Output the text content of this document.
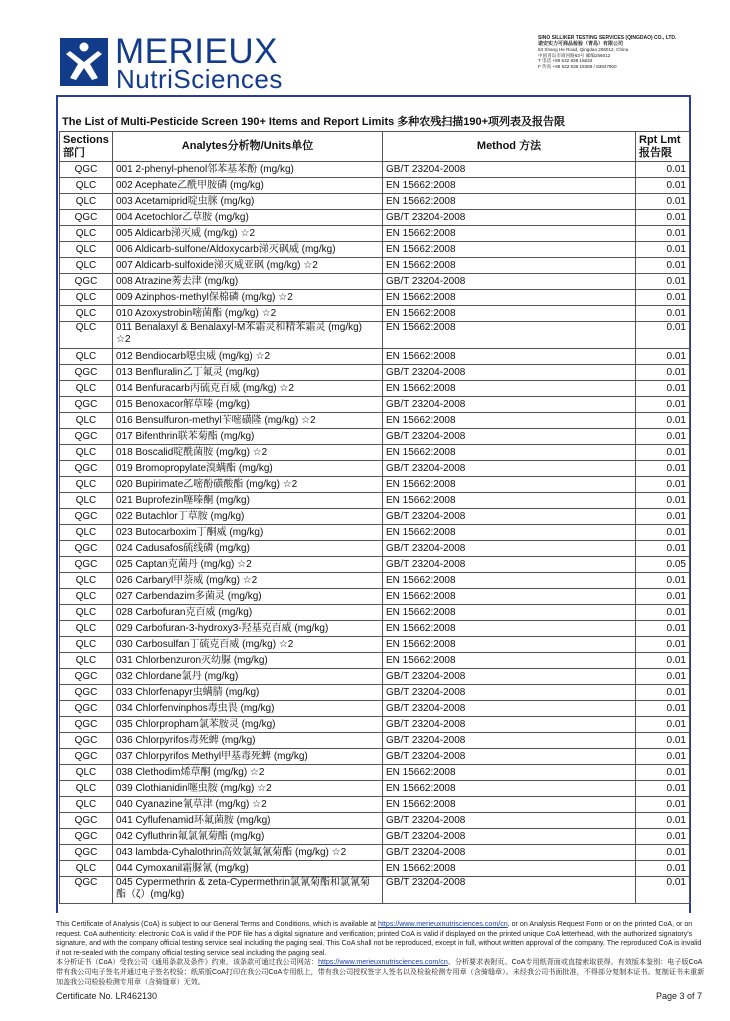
MERIEUX
NutriSciences
SINO SILLIKER TESTING SERVICES (QINGDAO) CO., LTD.
诺安实力可商品检验（青岛）有限公司
63 Shang He Road, Qingdao 266012, China
中国青岛市商河路63号 邮编266012
T 电话 +86 532 838 16633
F 传真 +86 532 838 19388 / 83847900
The List of Multi-Pesticide Screen 190+ Items and Report Limits 多种农残扫描190+项列表及报告限
Sections 部门	Analytes分析物/Units单位	Method 方法	Rpt Lmt 报告限
QGC	001 2-phenyl-phenol邻苯基苯酚 (mg/kg)	GB/T 23204-2008	0.01
QLC	002 Acephate乙酰甲胺磷 (mg/kg)	EN 15662:2008	0.01
QLC	003 Acetamiprid啶虫脒 (mg/kg)	EN 15662:2008	0.01
QGC	004 Acetochlor乙草胺 (mg/kg)	GB/T 23204-2008	0.01
QLC	005 Aldicarb涕灭威 (mg/kg) ☆2	EN 15662:2008	0.01
QLC	006 Aldicarb-sulfone/Aldoxycarb涕灭砜威 (mg/kg)	EN 15662:2008	0.01
QLC	007 Aldicarb-sulfoxide涕灭威亚砜 (mg/kg) ☆2	EN 15662:2008	0.01
QGC	008 Atrazine莠去津 (mg/kg)	GB/T 23204-2008	0.01
QLC	009 Azinphos-methyl保棉磷 (mg/kg) ☆2	EN 15662:2008	0.01
QLC	010 Azoxystrobin嘧菌酯 (mg/kg) ☆2	EN 15662:2008	0.01
QLC	011 Benalaxyl & Benalaxyl-M苯霜灵和精苯霜灵 (mg/kg) ☆2	EN 15662:2008	0.01
QLC	012 Bendiocarb噁虫威 (mg/kg) ☆2	EN 15662:2008	0.01
QGC	013 Benfluralin乙丁氟灵 (mg/kg)	GB/T 23204-2008	0.01
QLC	014 Benfuracarb丙硫克百威 (mg/kg) ☆2	EN 15662:2008	0.01
QGC	015 Benoxacor解草嗪 (mg/kg)	GB/T 23204-2008	0.01
QLC	016 Bensulfuron-methyl苄嘧磺隆 (mg/kg) ☆2	EN 15662:2008	0.01
QGC	017 Bifenthrin联苯菊酯 (mg/kg)	GB/T 23204-2008	0.01
QLC	018 Boscalid啶酰菌胺 (mg/kg) ☆2	EN 15662:2008	0.01
QGC	019 Bromopropylate溴螨酯 (mg/kg)	GB/T 23204-2008	0.01
QLC	020 Bupirimate乙嘧酚磺酸酯 (mg/kg) ☆2	EN 15662:2008	0.01
QLC	021 Buprofezin噻嗪酮 (mg/kg)	EN 15662:2008	0.01
QGC	022 Butachlor丁草胺 (mg/kg)	GB/T 23204-2008	0.01
QLC	023 Butocarboxim丁酮威 (mg/kg)	EN 15662:2008	0.01
QGC	024 Cadusafos硫线磷 (mg/kg)	GB/T 23204-2008	0.01
QGC	025 Captan克菌丹 (mg/kg) ☆2	GB/T 23204-2008	0.05
QLC	026 Carbaryl甲萘威 (mg/kg) ☆2	EN 15662:2008	0.01
QLC	027 Carbendazim多菌灵 (mg/kg)	EN 15662:2008	0.01
QLC	028 Carbofuran克百威 (mg/kg)	EN 15662:2008	0.01
QLC	029 Carbofuran-3-hydroxy3-羟基克百威 (mg/kg)	EN 15662:2008	0.01
QLC	030 Carbosulfan丁硫克百威 (mg/kg) ☆2	EN 15662:2008	0.01
QLC	031 Chlorbenzuron灭幼脲 (mg/kg)	EN 15662:2008	0.01
QGC	032 Chlordane氯丹 (mg/kg)	GB/T 23204-2008	0.01
QGC	033 Chlorfenapyr虫螨腈 (mg/kg)	GB/T 23204-2008	0.01
QGC	034 Chlorfenvinphos毒虫畏 (mg/kg)	GB/T 23204-2008	0.01
QGC	035 Chlorpropham氯苯胺灵 (mg/kg)	GB/T 23204-2008	0.01
QGC	036 Chlorpyrifos毒死蜱 (mg/kg)	GB/T 23204-2008	0.01
QGC	037 Chlorpyrifos Methyl甲基毒死蜱 (mg/kg)	GB/T 23204-2008	0.01
QLC	038 Clethodim烯草酮 (mg/kg) ☆2	EN 15662:2008	0.01
QLC	039 Clothianidin噻虫胺 (mg/kg) ☆2	EN 15662:2008	0.01
QLC	040 Cyanazine氰草津 (mg/kg) ☆2	EN 15662:2008	0.01
QGC	041 Cyflufenamid环氟菌胺 (mg/kg)	GB/T 23204-2008	0.01
QGC	042 Cyfluthrin氟氯氰菊酯 (mg/kg)	GB/T 23204-2008	0.01
QGC	043 lambda-Cyhalothrin高效氯氟氰菊酯 (mg/kg) ☆2	GB/T 23204-2008	0.01
QLC	044 Cymoxanil霜脲氰 (mg/kg)	EN 15662:2008	0.01
QGC	045 Cypermethrin & zeta-Cypermethrin氯氰菊酯和氯氰菊酯（ζ）(mg/kg)	GB/T 23204-2008	0.01
This Certificate of Analysis (CoA) is subject to our General Terms and Conditions, which is available at https://www.merieuxnutrisciences.com/cn, or on Analysis Request Form or on the printed CoA, or on request. CoA authenticity: electronic CoA is valid if the PDF file has a digital signature and verification; printed CoA is valid if displayed on the printed unique CoA letterhead, with the authorized signatory's signature, and with the company official testing service seal including the paging seal. This CoA shall not be reproduced, except in full, without written approval of the company. The reproduced CoA is invalid if not re-sealed with the company official testing service seal including the paging seal.
本分析证书（CoA）受我公司《通用条款及条件》约束，该条款可通过我公司网站：https://www.merieuxnutrisciences.com/cn、分析要求表附页、CoA专用纸背面或直接索取获得。有效版本鉴别：电子版CoA带有我公司电子签名并通过电子签名校验；纸质版CoA打印在我公司CoA专用纸上，带有我公司授权签字人签名以及检验检测专用章（含骑缝章）。未经我公司书面批准，不得部分复制本证书。复制证书未重新加盖我公司检验检测专用章（含骑缝章）无效。
Certificate No. LR462130	Page 3 of 7
